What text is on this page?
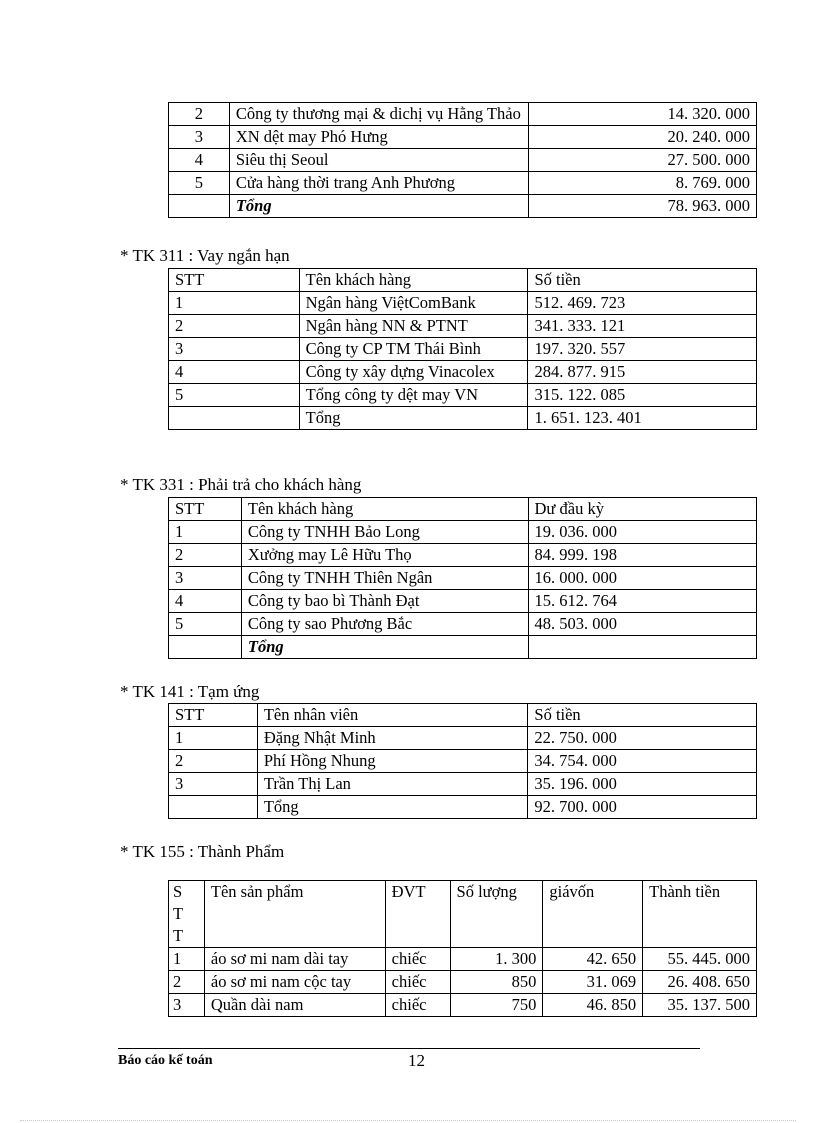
2	Công ty thương mại & dichị vụ Hằng Thảo	14. 320. 000
3	XN dệt may Phó Hưng	20. 240. 000
4	Siêu thị Seoul	27. 500. 000
5	Cửa hàng thời trang Anh Phương	8. 769. 000
	Tổng	78. 963. 000
* TK 311 : Vay ngắn hạn
STT	Tên khách hàng	Số tiền
1	Ngân hàng ViệtComBank	512. 469. 723
2	Ngân hàng NN & PTNT	341. 333. 121
3	Công ty CP TM Thái Bình	197. 320. 557
4	Công ty xây dựng Vinacolex	284. 877. 915
5	Tổng công ty dệt may VN	315. 122. 085
	Tổng	1. 651. 123. 401
* TK 331 : Phải trả cho khách hàng
STT	Tên khách hàng	Dư đầu kỳ
1	Công ty TNHH Bảo Long	19. 036. 000
2	Xưởng may Lê Hữu Thọ	84. 999. 198
3	Công ty TNHH Thiên Ngân	16. 000. 000
4	Công ty bao bì Thành Đạt	15. 612. 764
5	Công ty sao Phương Bắc	48. 503. 000
	Tổng	
* TK 141 : Tạm ứng
STT	Tên nhân viên	Số tiền
1	Đặng Nhật Minh	22. 750. 000
2	Phí Hồng Nhung	34. 754. 000
3	Trần Thị Lan	35. 196. 000
	Tổng	92. 700. 000
* TK 155 : Thành Phẩm
S
T
T	Tên sản phẩm	ĐVT	Số lượng	giávốn	Thành tiền
1	áo sơ mi nam dài tay	chiếc	1. 300	42. 650	55. 445. 000
2	áo sơ mi nam cộc tay	chiếc	850	31. 069	26. 408. 650
3	Quần dài nam	chiếc	750	46. 850	35. 137. 500
Báo cáo kế toán	12
